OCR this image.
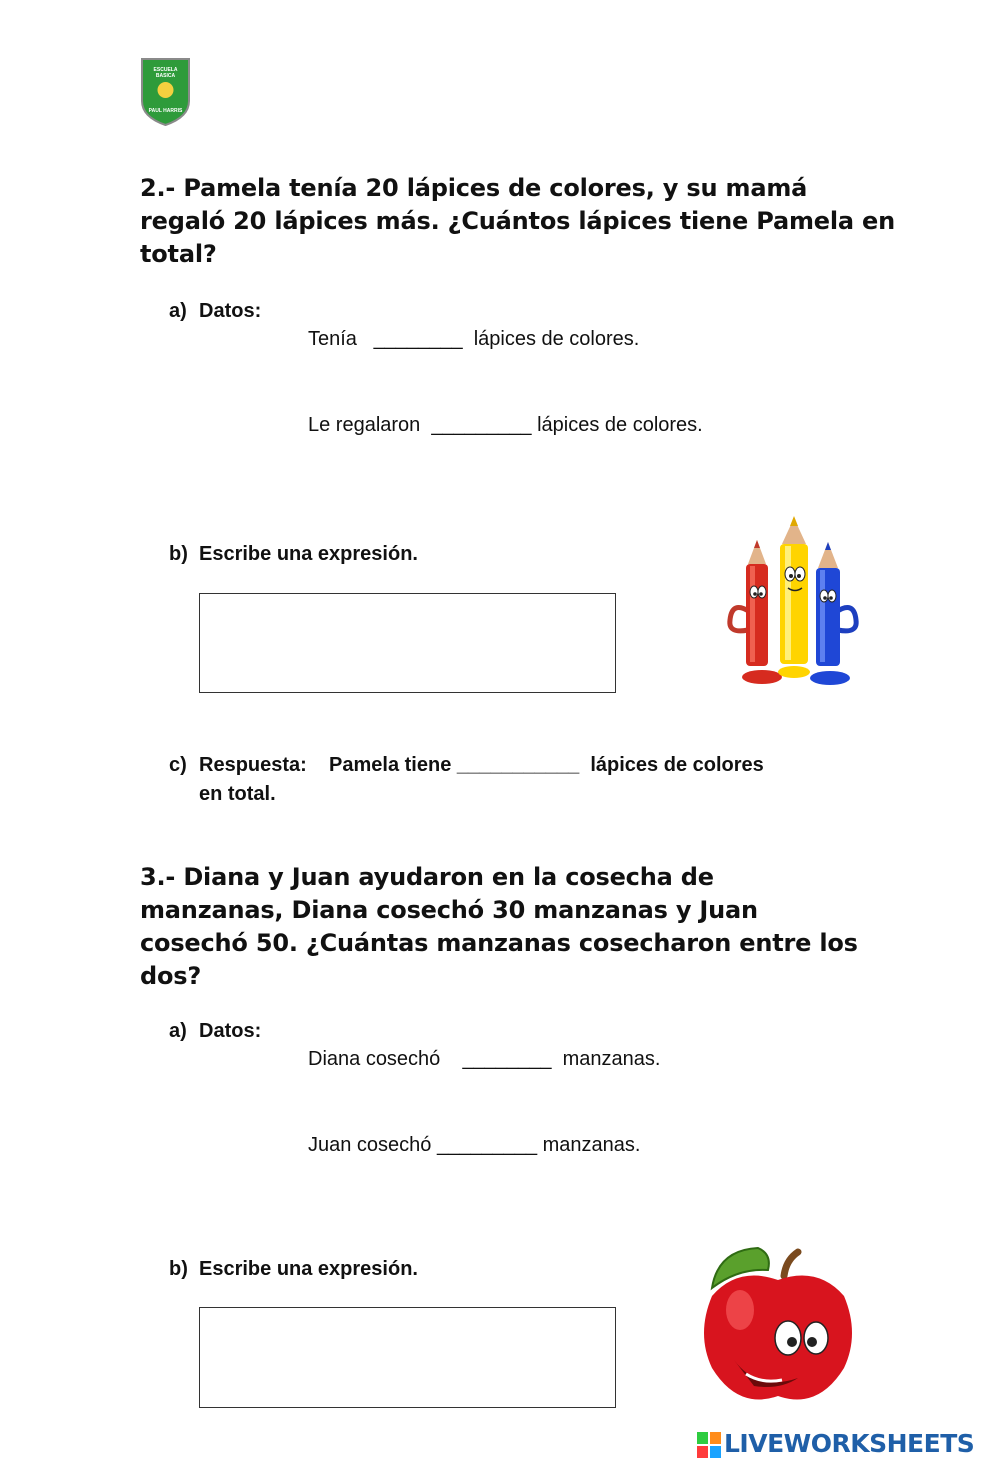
ESCUELA BASICA
PAUL HARRIS
2.- Pamela tenía 20 lápices de colores, y su mamá regaló 20 lápices más. ¿Cuántos lápices tiene Pamela en total?
a) Datos:
Tenía   ________  lápices de colores.
Le regalaron  _________ lápices de colores.
b) Escribe una expresión.
c) Respuesta:    Pamela tiene ___________  lápices de colores
en total.
3.- Diana y Juan ayudaron en la cosecha de manzanas, Diana cosechó 30 manzanas y Juan cosechó 50. ¿Cuántas manzanas cosecharon entre los dos?
a) Datos:
Diana cosechó    ________  manzanas.
Juan cosechó _________ manzanas.
b) Escribe una expresión.
LIVEWORKSHEETS
